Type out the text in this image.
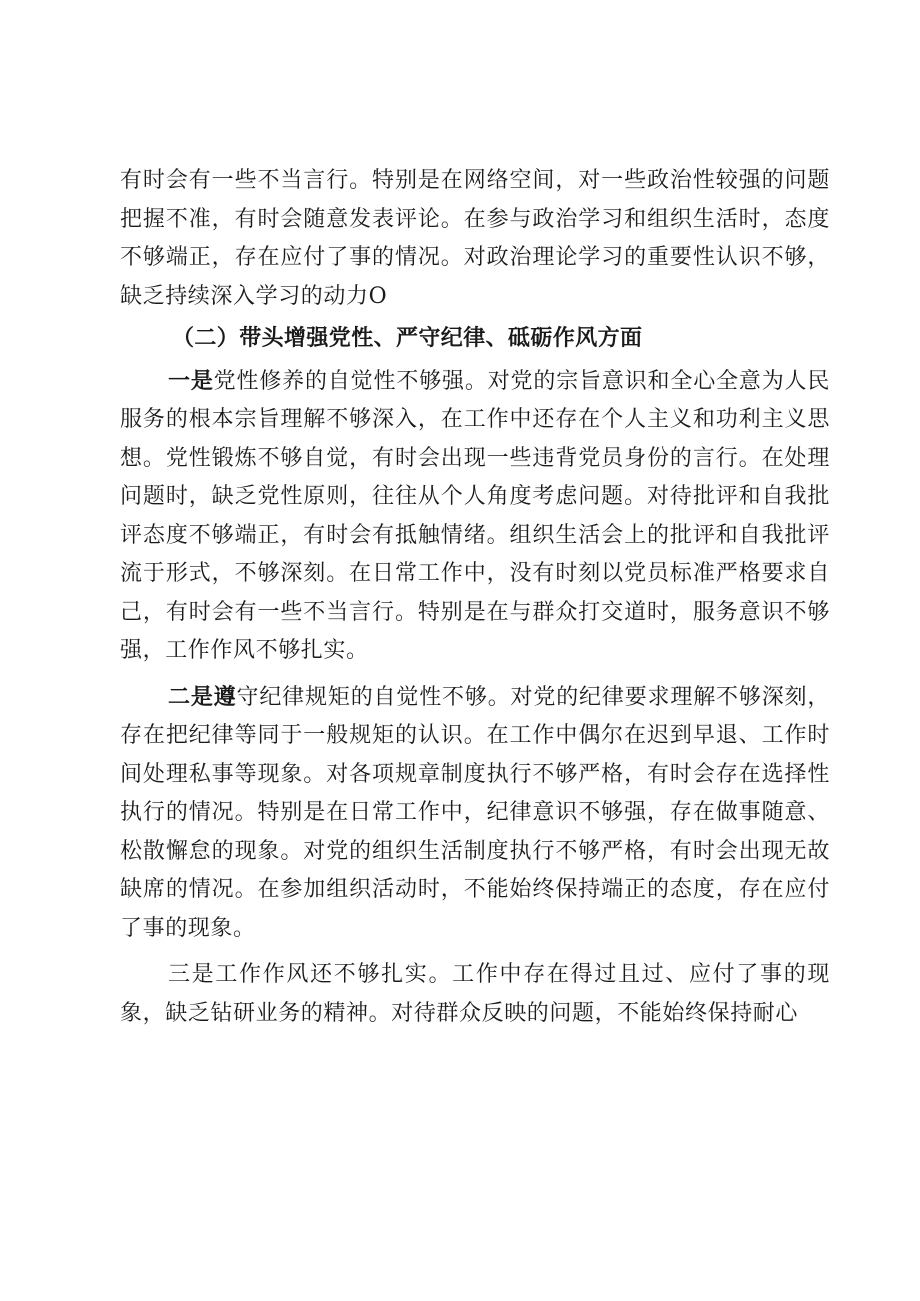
有时会有一些不当言行。特别是在网络空间，对一些政治性较强的问题把握不准，有时会随意发表评论。在参与政治学习和组织生活时，态度不够端正，存在应付了事的情况。对政治理论学习的重要性认识不够，缺乏持续深入学习的动力O

（二）带头增强党性、严守纪律、砥砺作风方面

一是党性修养的自觉性不够强。对党的宗旨意识和全心全意为人民服务的根本宗旨理解不够深入，在工作中还存在个人主义和功利主义思想。党性锻炼不够自觉，有时会出现一些违背党员身份的言行。在处理问题时，缺乏党性原则，往往从个人角度考虑问题。对待批评和自我批评态度不够端正，有时会有抵触情绪。组织生活会上的批评和自我批评流于形式，不够深刻。在日常工作中，没有时刻以党员标准严格要求自己，有时会有一些不当言行。特别是在与群众打交道时，服务意识不够强，工作作风不够扎实。

二是遵守纪律规矩的自觉性不够。对党的纪律要求理解不够深刻，存在把纪律等同于一般规矩的认识。在工作中偶尔在迟到早退、工作时间处理私事等现象。对各项规章制度执行不够严格，有时会存在选择性执行的情况。特别是在日常工作中，纪律意识不够强，存在做事随意、松散懈怠的现象。对党的组织生活制度执行不够严格，有时会出现无故缺席的情况。在参加组织活动时，不能始终保持端正的态度，存在应付了事的现象。

三是工作作风还不够扎实。工作中存在得过且过、应付了事的现象，缺乏钻研业务的精神。对待群众反映的问题，不能始终保持耐心
